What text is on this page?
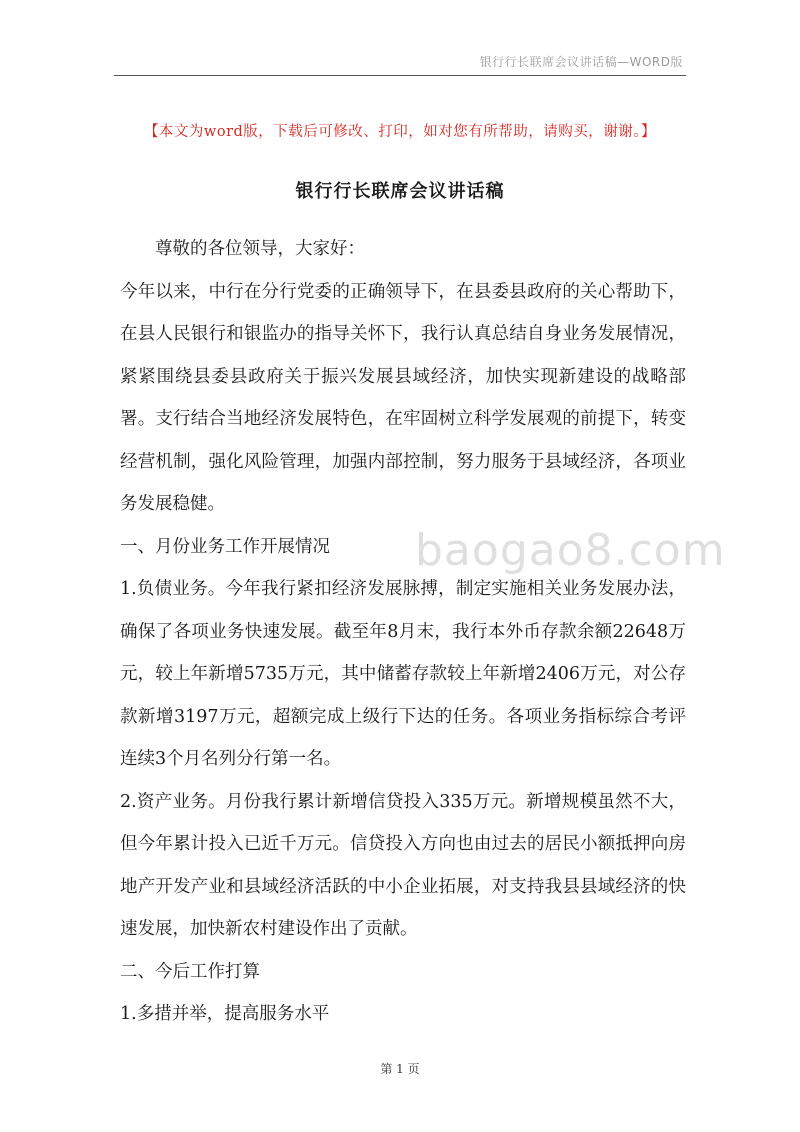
银行行长联席会议讲话稿—WORD版
【本文为word版，下载后可修改、打印，如对您有所帮助，请购买，谢谢。】
银行行长联席会议讲话稿

尊敬的各位领导，大家好：

今年以来，中行在分行党委的正确领导下，在县委县政府的关心帮助下，在县人民银行和银监办的指导关怀下，我行认真总结自身业务发展情况，紧紧围绕县委县政府关于振兴发展县域经济，加快实现新建设的战略部署。支行结合当地经济发展特色，在牢固树立科学发展观的前提下，转变经营机制，强化风险管理，加强内部控制，努力服务于县域经济，各项业务发展稳健。

一、月份业务工作开展情况

1.负债业务。今年我行紧扣经济发展脉搏，制定实施相关业务发展办法，确保了各项业务快速发展。截至年8月末，我行本外币存款余额22648万元，较上年新增5735万元，其中储蓄存款较上年新增2406万元，对公存款新增3197万元，超额完成上级行下达的任务。各项业务指标综合考评连续3个月名列分行第一名。

2.资产业务。月份我行累计新增信贷投入335万元。新增规模虽然不大，但今年累计投入已近千万元。信贷投入方向也由过去的居民小额抵押向房地产开发产业和县域经济活跃的中小企业拓展，对支持我县县域经济的快速发展，加快新农村建设作出了贡献。

二、今后工作打算

1.多措并举，提高服务水平

baogao8.com
第 1 页
